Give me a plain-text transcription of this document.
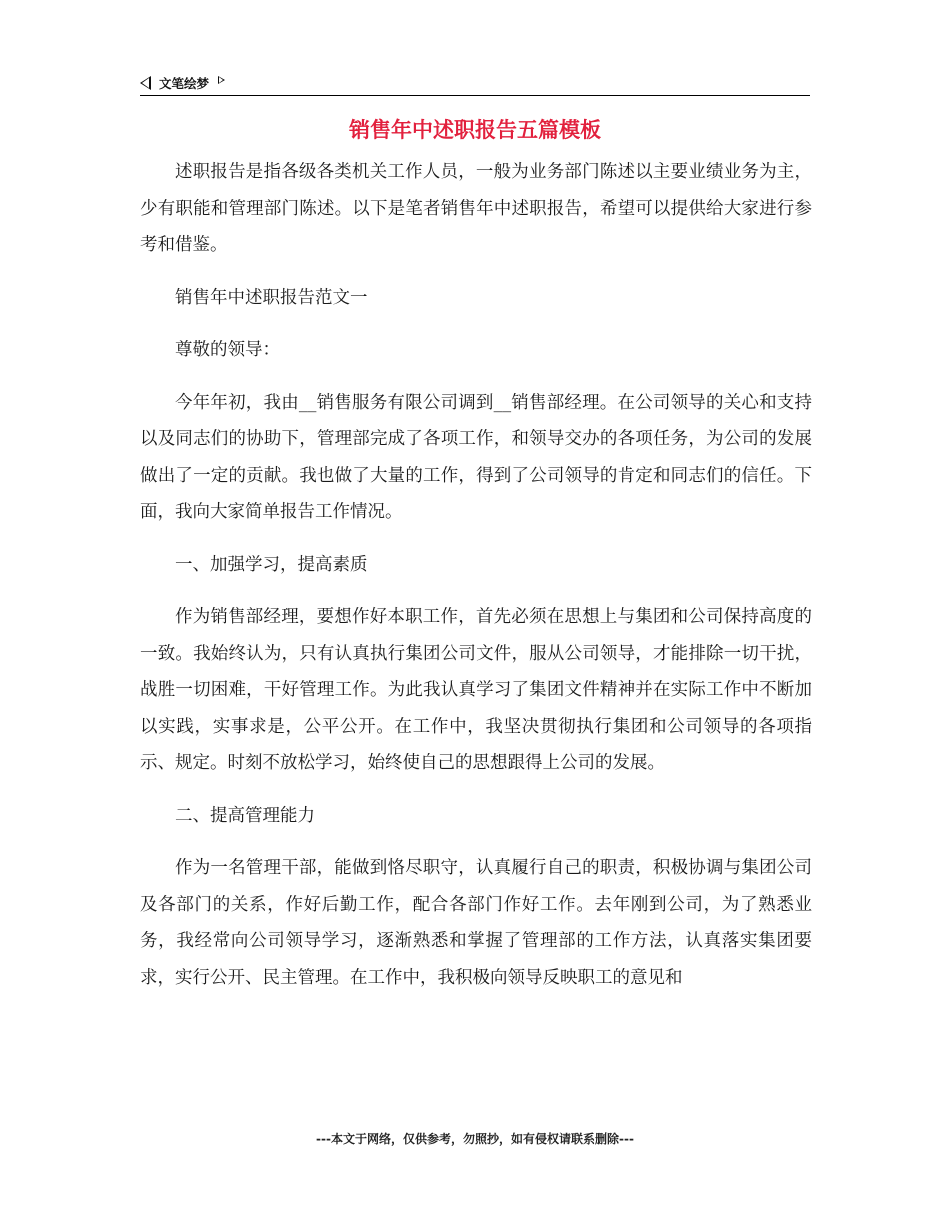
文笔绘梦
销售年中述职报告五篇模板

述职报告是指各级各类机关工作人员，一般为业务部门陈述以主要业绩业务为主，少有职能和管理部门陈述。以下是笔者销售年中述职报告，希望可以提供给大家进行参考和借鉴。

销售年中述职报告范文一

尊敬的领导：

今年年初，我由__销售服务有限公司调到__销售部经理。在公司领导的关心和支持以及同志们的协助下，管理部完成了各项工作，和领导交办的各项任务，为公司的发展做出了一定的贡献。我也做了大量的工作，得到了公司领导的肯定和同志们的信任。下面，我向大家简单报告工作情况。

一、加强学习，提高素质

作为销售部经理，要想作好本职工作，首先必须在思想上与集团和公司保持高度的一致。我始终认为，只有认真执行集团公司文件，服从公司领导，才能排除一切干扰，战胜一切困难，干好管理工作。为此我认真学习了集团文件精神并在实际工作中不断加以实践，实事求是，公平公开。在工作中，我坚决贯彻执行集团和公司领导的各项指示、规定。时刻不放松学习，始终使自己的思想跟得上公司的发展。

二、提高管理能力

作为一名管理干部，能做到恪尽职守，认真履行自己的职责，积极协调与集团公司及各部门的关系，作好后勤工作，配合各部门作好工作。去年刚到公司，为了熟悉业务，我经常向公司领导学习，逐渐熟悉和掌握了管理部的工作方法，认真落实集团要求，实行公开、民主管理。在工作中，我积极向领导反映职工的意见和

---本文于网络，仅供参考，勿照抄，如有侵权请联系删除---
